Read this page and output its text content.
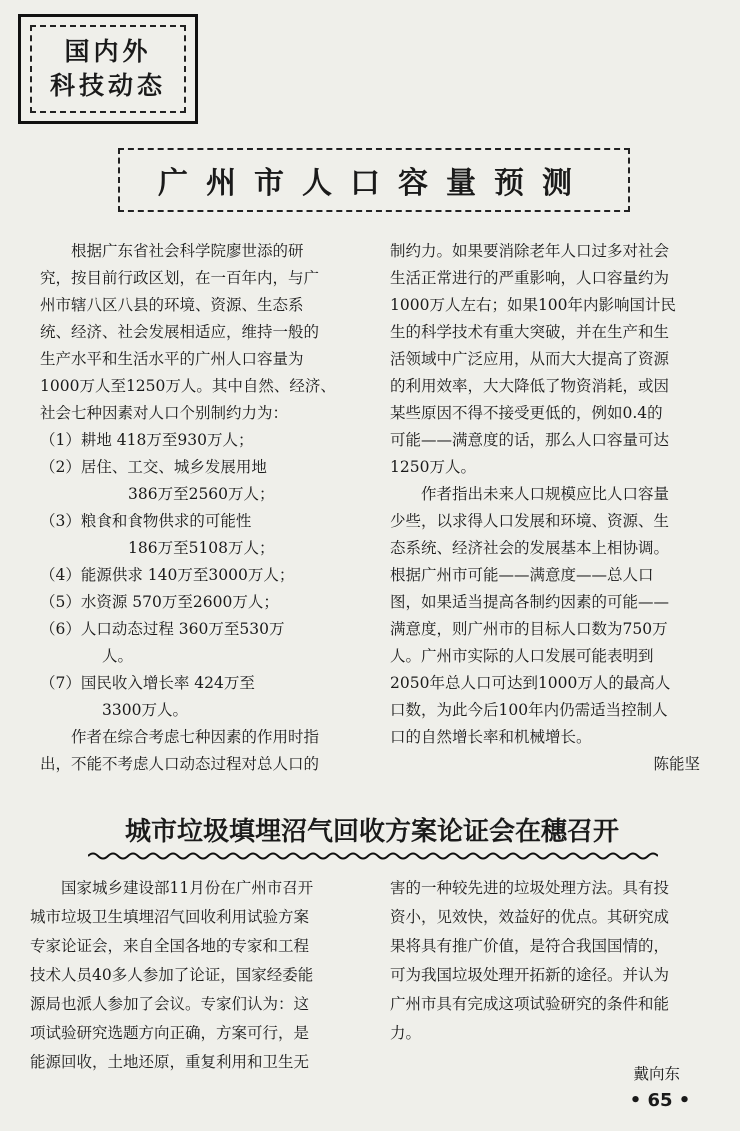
国内外
科技动态
广州市人口容量预测

根据广东省社会科学院廖世添的研

究，按目前行政区划，在一百年内，与广

州市辖八区八县的环境、资源、生态系

统、经济、社会发展相适应，维持一般的

生产水平和生活水平的广州人口容量为

1000万人至1250万人。其中自然、经济、

社会七种因素对人口个别制约力为：

（1）耕地 418万至930万人；

（2）居住、工交、城乡发展用地

386万至2560万人；

（3）粮食和食物供求的可能性

186万至5108万人；

（4）能源供求 140万至3000万人；

（5）水资源 570万至2600万人；

（6）人口动态过程 360万至530万

人。

（7）国民收入增长率 424万至

3300万人。

作者在综合考虑七种因素的作用时指

出，不能不考虑人口动态过程对总人口的

制约力。如果要消除老年人口过多对社会

生活正常进行的严重影响，人口容量约为

1000万人左右；如果100年内影响国计民

生的科学技术有重大突破，并在生产和生

活领域中广泛应用，从而大大提高了资源

的利用效率，大大降低了物资消耗，或因

某些原因不得不接受更低的，例如0.4的

可能——满意度的话，那么人口容量可达

1250万人。

作者指出未来人口规模应比人口容量

少些，以求得人口发展和环境、资源、生

态系统、经济社会的发展基本上相协调。

根据广州市可能——满意度——总人口

图，如果适当提高各制约因素的可能——

满意度，则广州市的目标人口数为750万

人。广州市实际的人口发展可能表明到

2050年总人口可达到1000万人的最高人

口数，为此今后100年内仍需适当控制人

口的自然增长率和机械增长。

陈能坚

城市垃圾填埋沼气回收方案论证会在穗召开

国家城乡建设部11月份在广州市召开

城市垃圾卫生填埋沼气回收利用试验方案

专家论证会，来自全国各地的专家和工程

技术人员40多人参加了论证，国家经委能

源局也派人参加了会议。专家们认为：这

项试验研究选题方向正确，方案可行，是

能源回收，土地还原，重复利用和卫生无

害的一种较先进的垃圾处理方法。具有投

资小，见效快，效益好的优点。其研究成

果将具有推广价值，是符合我国国情的，

可为我国垃圾处理开拓新的途径。并认为

广州市具有完成这项试验研究的条件和能

力。

戴向东

• 65 •
